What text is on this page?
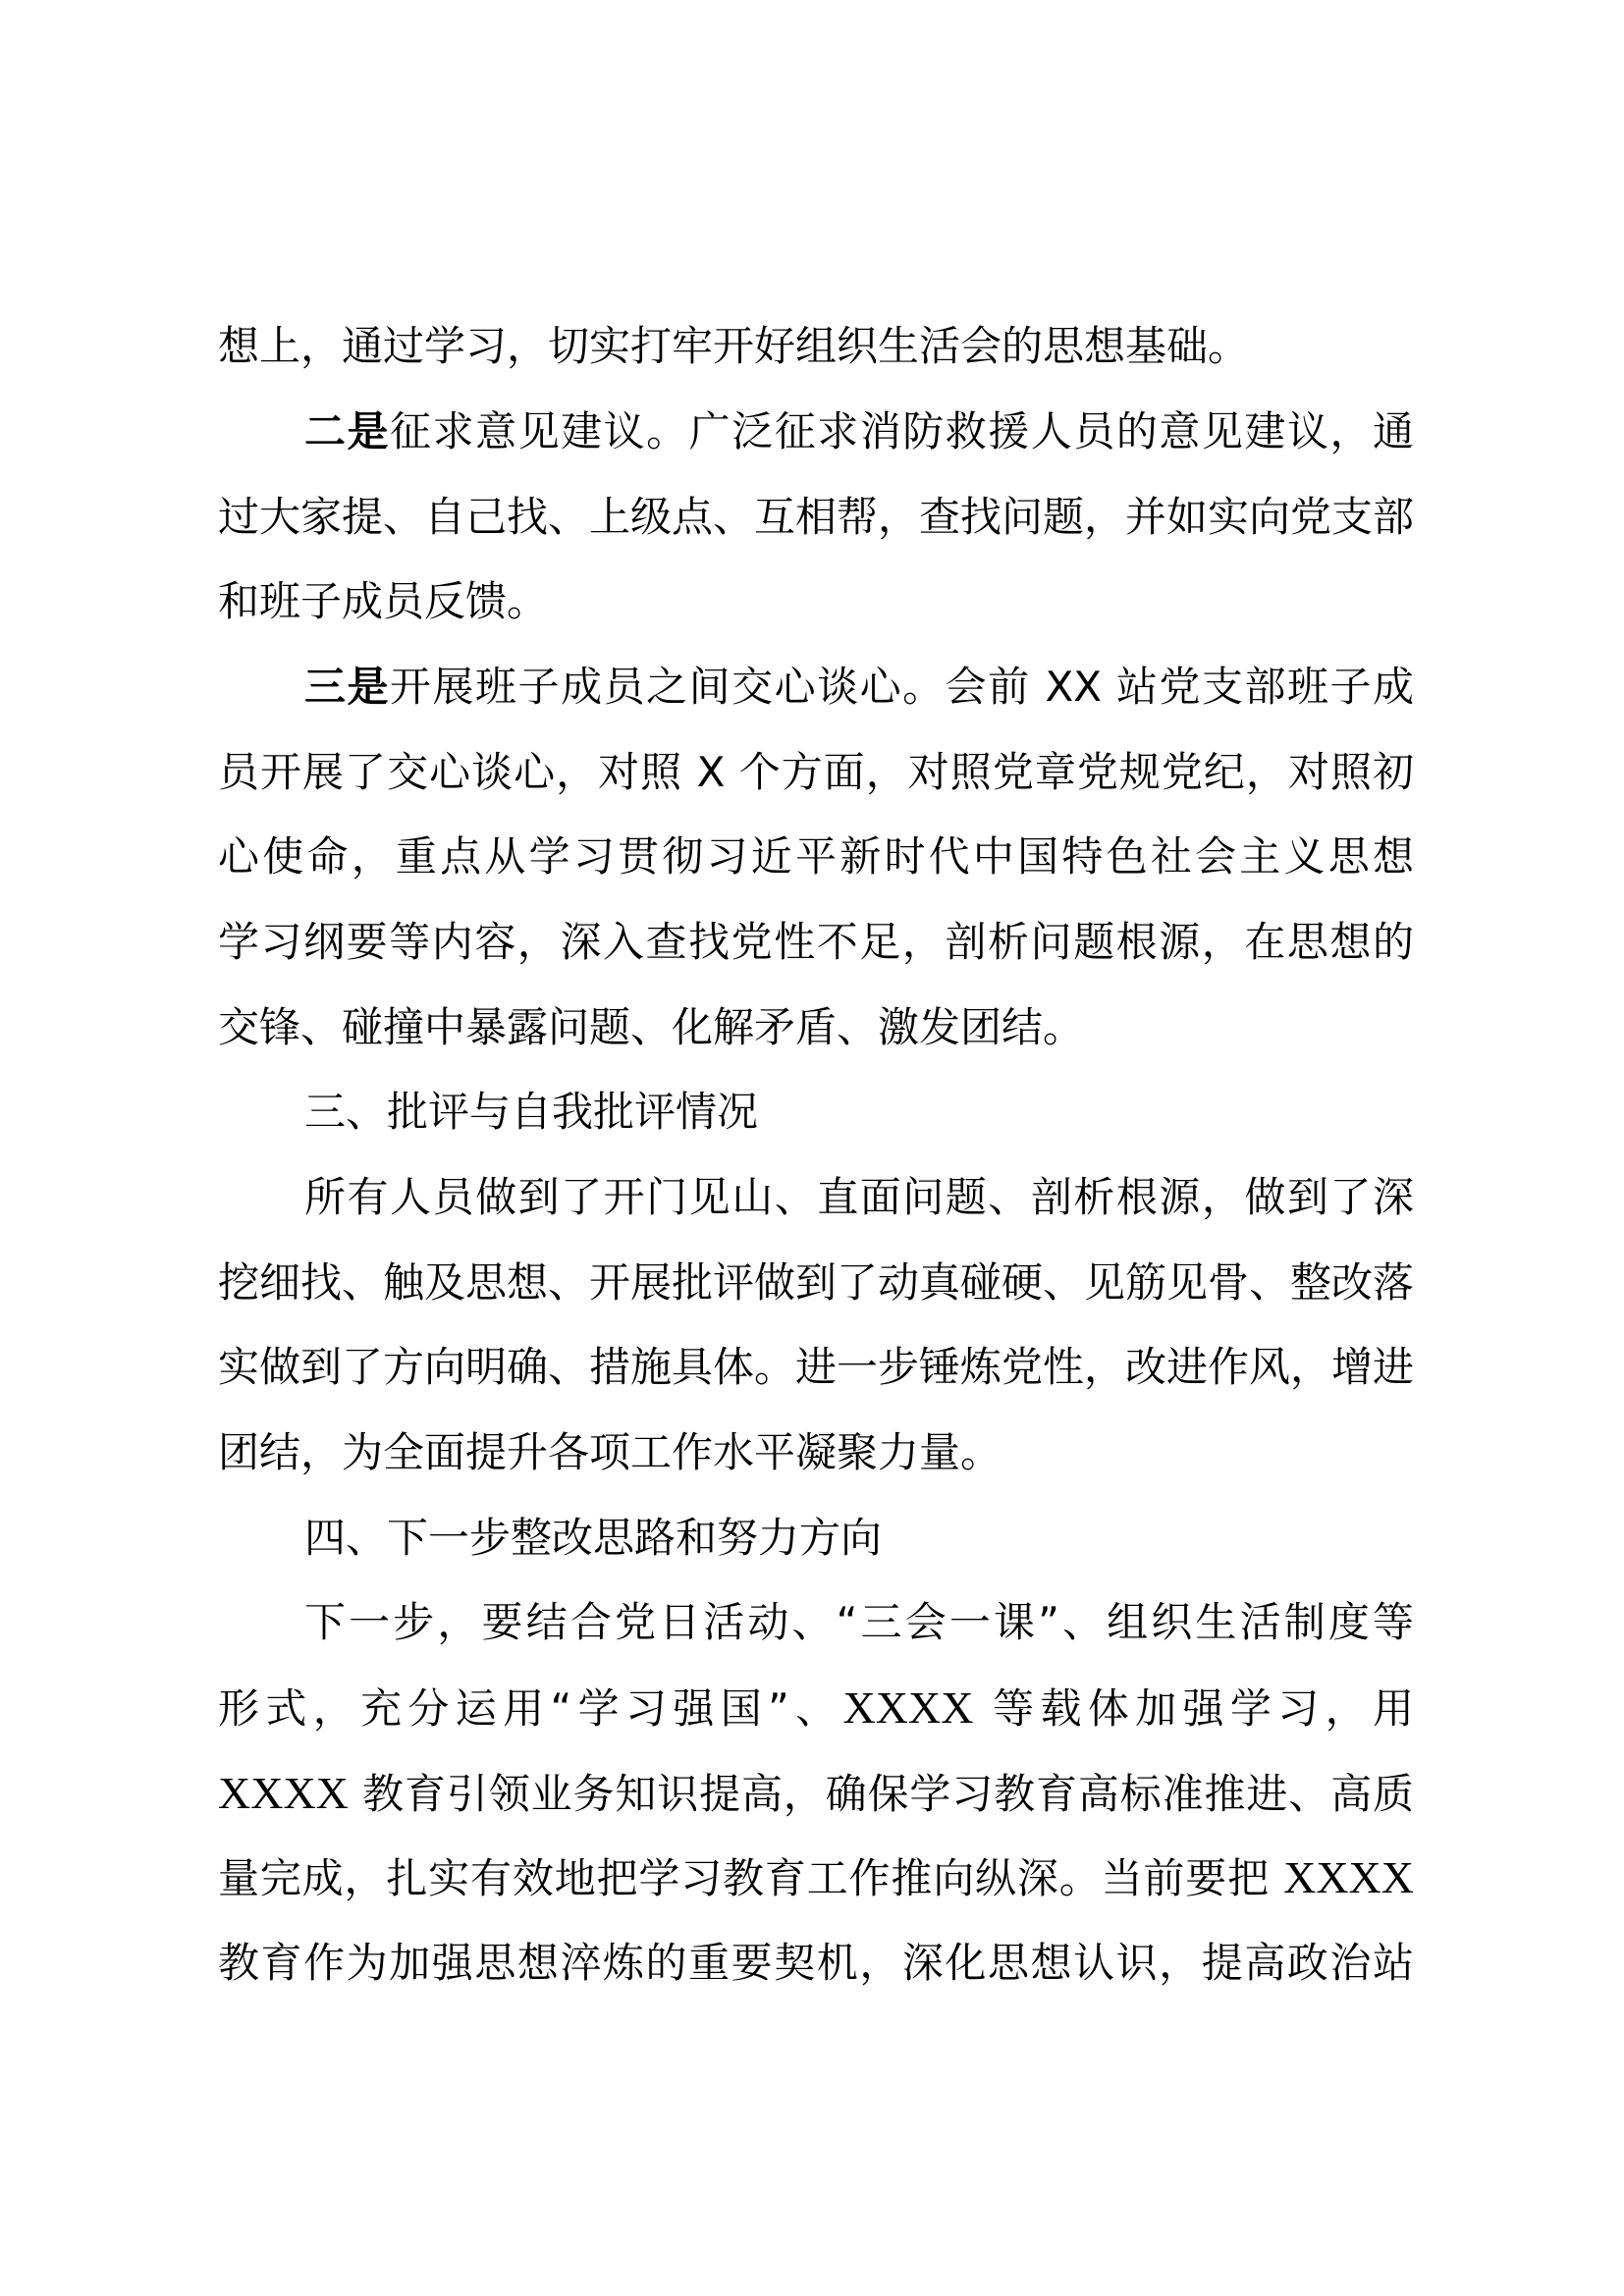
想上，通过学习，切实打牢开好组织生活会的思想基础。
二是征求意见建议。广泛征求消防救援人员的意见建议，通
过大家提、自己找、上级点、互相帮，查找问题，并如实向党支部
和班子成员反馈。
三是开展班子成员之间交心谈心。会前 XX 站党支部班子成
员开展了交心谈心，对照 X 个方面，对照党章党规党纪，对照初
心使命，重点从学习贯彻习近平新时代中国特色社会主义思想
学习纲要等内容，深入查找党性不足，剖析问题根源，在思想的
交锋、碰撞中暴露问题、化解矛盾、激发团结。
三、批评与自我批评情况
所有人员做到了开门见山、直面问题、剖析根源，做到了深
挖细找、触及思想、开展批评做到了动真碰硬、见筋见骨、整改落
实做到了方向明确、措施具体。进一步锤炼党性，改进作风，增进
团结，为全面提升各项工作水平凝聚力量。
四、下一步整改思路和努力方向
下一步，要结合党日活动、“三会一课”、组织生活制度等
形式，充分运用“学习强国”、XXXX 等载体加强学习，用
XXXX 教育引领业务知识提高，确保学习教育高标准推进、高质
量完成，扎实有效地把学习教育工作推向纵深。当前要把 XXXX
教育作为加强思想淬炼的重要契机，深化思想认识，提高政治站
